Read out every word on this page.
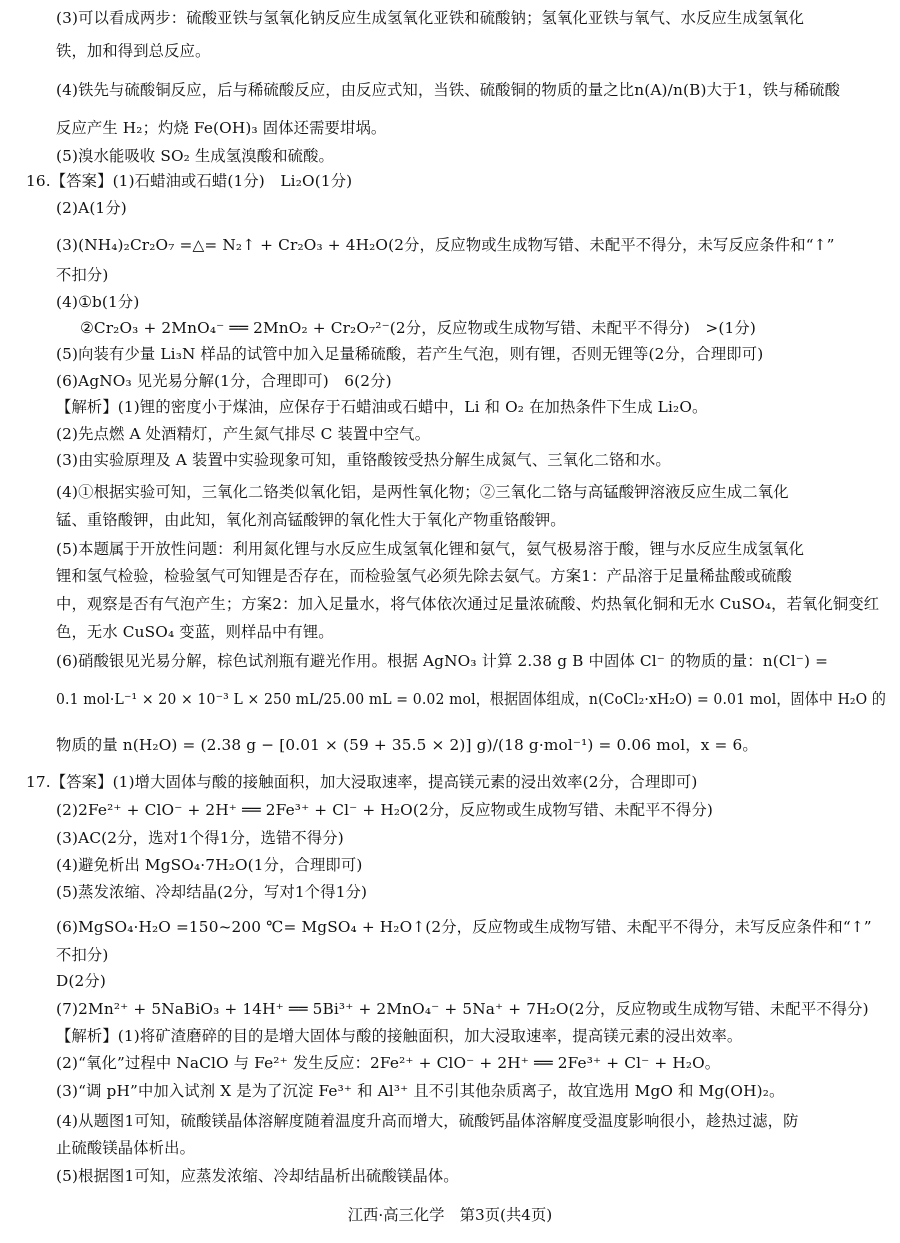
(3)可以看成两步：硫酸亚铁与氢氧化钠反应生成氢氧化亚铁和硫酸钠；氢氧化亚铁与氧气、水反应生成氢氧化
铁，加和得到总反应。
(4)铁先与硫酸铜反应，后与稀硫酸反应，由反应式知，当铁、硫酸铜的物质的量之比n(A)/n(B)大于1，铁与稀硫酸
反应产生 H₂；灼烧 Fe(OH)₃ 固体还需要坩埚。
(5)溴水能吸收 SO₂ 生成氢溴酸和硫酸。
16.【答案】(1)石蜡油或石蜡(1分)　Li₂O(1分)
(2)A(1分)
(3)(NH₄)₂Cr₂O₇ =△= N₂↑ + Cr₂O₃ + 4H₂O(2分，反应物或生成物写错、未配平不得分，未写反应条件和“↑”
不扣分)
(4)①b(1分)
②Cr₂O₃ + 2MnO₄⁻ ══ 2MnO₂ + Cr₂O₇²⁻(2分，反应物或生成物写错、未配平不得分)　>(1分)
(5)向装有少量 Li₃N 样品的试管中加入足量稀硫酸，若产生气泡，则有锂，否则无锂等(2分，合理即可)
(6)AgNO₃ 见光易分解(1分，合理即可)　6(2分)
【解析】(1)锂的密度小于煤油，应保存于石蜡油或石蜡中，Li 和 O₂ 在加热条件下生成 Li₂O。
(2)先点燃 A 处酒精灯，产生氮气排尽 C 装置中空气。
(3)由实验原理及 A 装置中实验现象可知，重铬酸铵受热分解生成氮气、三氧化二铬和水。
(4)①根据实验可知，三氧化二铬类似氧化铝，是两性氧化物；②三氧化二铬与高锰酸钾溶液反应生成二氧化
锰、重铬酸钾，由此知，氧化剂高锰酸钾的氧化性大于氧化产物重铬酸钾。
(5)本题属于开放性问题：利用氮化锂与水反应生成氢氧化锂和氨气，氨气极易溶于酸，锂与水反应生成氢氧化
锂和氢气检验，检验氢气可知锂是否存在，而检验氢气必须先除去氨气。方案1：产品溶于足量稀盐酸或硫酸
中，观察是否有气泡产生；方案2：加入足量水，将气体依次通过足量浓硫酸、灼热氧化铜和无水 CuSO₄，若氧化铜变红
色，无水 CuSO₄ 变蓝，则样品中有锂。
(6)硝酸银见光易分解，棕色试剂瓶有避光作用。根据 AgNO₃ 计算 2.38 g B 中固体 Cl⁻ 的物质的量：n(Cl⁻) =
0.1 mol·L⁻¹ × 20 × 10⁻³ L × 250 mL/25.00 mL = 0.02 mol，根据固体组成，n(CoCl₂·xH₂O) = 0.01 mol，固体中 H₂O 的
物质的量 n(H₂O) = (2.38 g − [0.01 × (59 + 35.5 × 2)] g)/(18 g·mol⁻¹) = 0.06 mol，x = 6。
17.【答案】(1)增大固体与酸的接触面积，加大浸取速率，提高镁元素的浸出效率(2分，合理即可)
(2)2Fe²⁺ + ClO⁻ + 2H⁺ ══ 2Fe³⁺ + Cl⁻ + H₂O(2分，反应物或生成物写错、未配平不得分)
(3)AC(2分，选对1个得1分，选错不得分)
(4)避免析出 MgSO₄·7H₂O(1分，合理即可)
(5)蒸发浓缩、冷却结晶(2分，写对1个得1分)
(6)MgSO₄·H₂O =150~200 ℃= MgSO₄ + H₂O↑(2分，反应物或生成物写错、未配平不得分，未写反应条件和“↑”
不扣分)
D(2分)
(7)2Mn²⁺ + 5NaBiO₃ + 14H⁺ ══ 5Bi³⁺ + 2MnO₄⁻ + 5Na⁺ + 7H₂O(2分，反应物或生成物写错、未配平不得分)
【解析】(1)将矿渣磨碎的目的是增大固体与酸的接触面积，加大浸取速率，提高镁元素的浸出效率。
(2)“氧化”过程中 NaClO 与 Fe²⁺ 发生反应：2Fe²⁺ + ClO⁻ + 2H⁺ ══ 2Fe³⁺ + Cl⁻ + H₂O。
(3)“调 pH”中加入试剂 X 是为了沉淀 Fe³⁺ 和 Al³⁺ 且不引其他杂质离子，故宜选用 MgO 和 Mg(OH)₂。
(4)从题图1可知，硫酸镁晶体溶解度随着温度升高而增大，硫酸钙晶体溶解度受温度影响很小，趁热过滤，防
止硫酸镁晶体析出。
(5)根据图1可知，应蒸发浓缩、冷却结晶析出硫酸镁晶体。
江西·高三化学　第3页(共4页)
